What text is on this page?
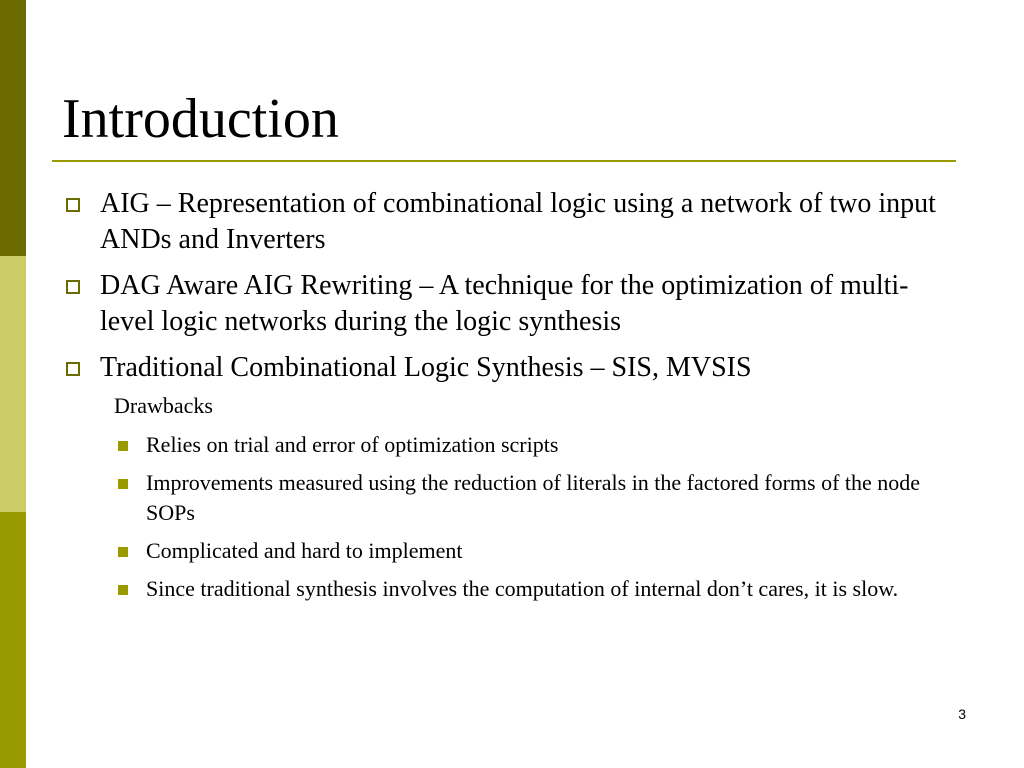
Introduction
AIG – Representation of combinational logic using a network of two input ANDs and Inverters
DAG Aware AIG Rewriting – A technique for the optimization of multi-level logic networks during the logic synthesis
Traditional Combinational Logic Synthesis – SIS, MVSIS
Drawbacks
Relies on trial and error of optimization scripts
Improvements measured using the reduction of literals in the factored forms of the node SOPs
Complicated and hard to implement
Since traditional synthesis involves the computation of internal don’t cares, it is slow.
3
